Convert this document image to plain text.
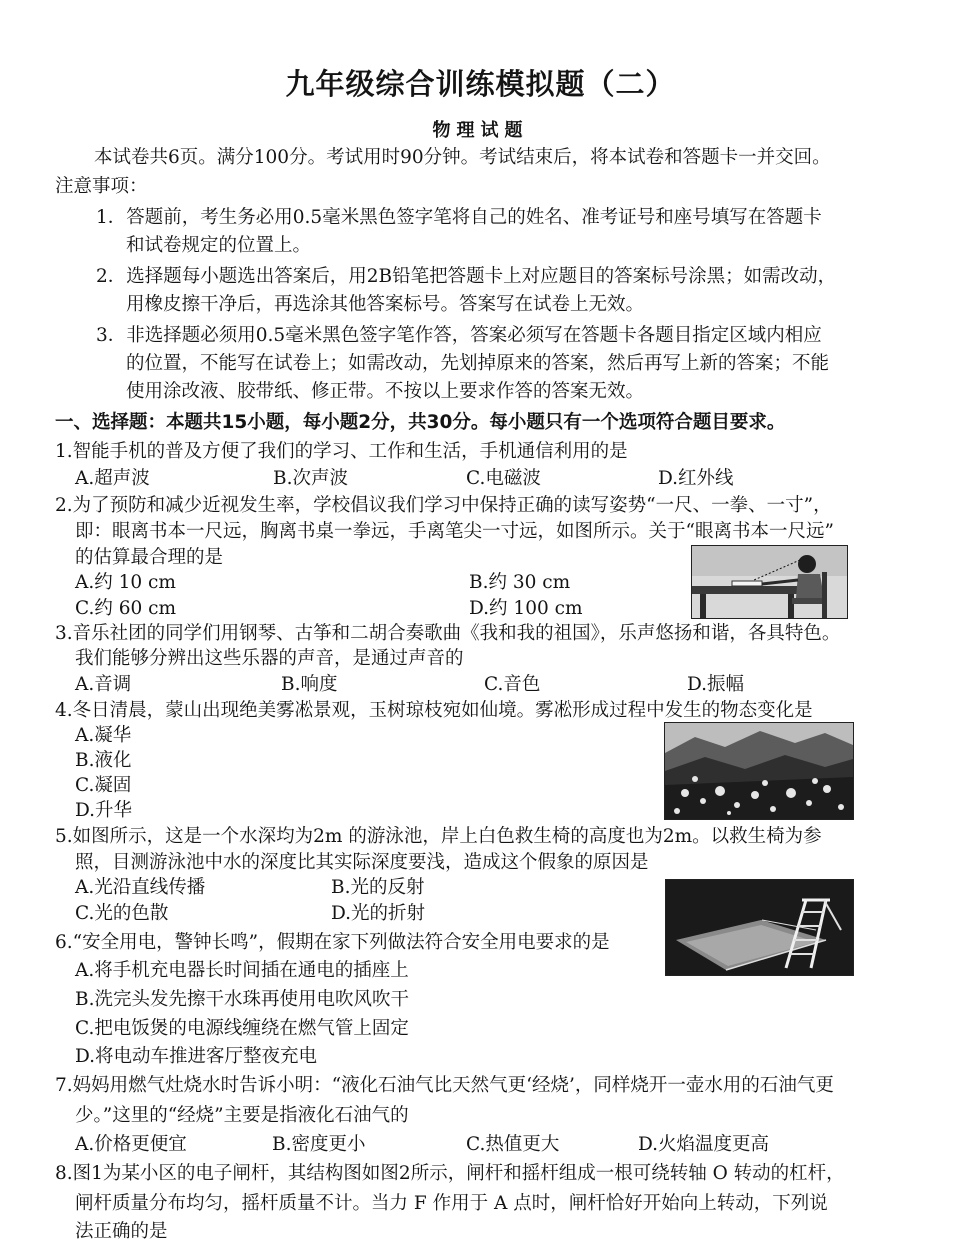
九年级综合训练模拟题（二）
物理试题
本试卷共6页。满分100分。考试用时90分钟。考试结束后，将本试卷和答题卡一并交回。
注意事项：
1．答题前，考生务必用0.5毫米黑色签字笔将自己的姓名、准考证号和座号填写在答题卡
和试卷规定的位置上。
2．选择题每小题选出答案后，用2B铅笔把答题卡上对应题目的答案标号涂黑；如需改动，
用橡皮擦干净后，再选涂其他答案标号。答案写在试卷上无效。
3．非选择题必须用0.5毫米黑色签字笔作答，答案必须写在答题卡各题目指定区域内相应
的位置，不能写在试卷上；如需改动，先划掉原来的答案，然后再写上新的答案；不能
使用涂改液、胶带纸、修正带。不按以上要求作答的答案无效。
一、选择题：本题共15小题，每小题2分，共30分。每小题只有一个选项符合题目要求。
1.智能手机的普及方便了我们的学习、工作和生活，手机通信利用的是
A.超声波	B.次声波	C.电磁波	D.红外线
2.为了预防和减少近视发生率，学校倡议我们学习中保持正确的读写姿势“一尺、一拳、一寸”，
即：眼离书本一尺远，胸离书桌一拳远，手离笔尖一寸远，如图所示。关于“眼离书本一尺远”
的估算最合理的是
A.约 10 cm	B.约 30 cm
C.约 60 cm	D.约 100 cm
3.音乐社团的同学们用钢琴、古筝和二胡合奏歌曲《我和我的祖国》，乐声悠扬和谐，各具特色。
我们能够分辨出这些乐器的声音，是通过声音的
A.音调	B.响度	C.音色	D.振幅
4.冬日清晨，蒙山出现绝美雾凇景观，玉树琼枝宛如仙境。雾凇形成过程中发生的物态变化是
A.凝华
B.液化
C.凝固
D.升华
5.如图所示，这是一个水深均为2m 的游泳池，岸上白色救生椅的高度也为2m。以救生椅为参
照，目测游泳池中水的深度比其实际深度要浅，造成这个假象的原因是
A.光沿直线传播	B.光的反射
C.光的色散	D.光的折射
6.“安全用电，警钟长鸣”，假期在家下列做法符合安全用电要求的是
A.将手机充电器长时间插在通电的插座上
B.洗完头发先擦干水珠再使用电吹风吹干
C.把电饭煲的电源线缠绕在燃气管上固定
D.将电动车推进客厅整夜充电
7.妈妈用燃气灶烧水时告诉小明：“液化石油气比天然气更‘经烧’，同样烧开一壶水用的石油气更
少。”这里的“经烧”主要是指液化石油气的
A.价格更便宜	B.密度更小	C.热值更大	D.火焰温度更高
8.图1为某小区的电子闸杆，其结构图如图2所示，闸杆和摇杆组成一根可绕转轴 O 转动的杠杆，
闸杆质量分布均匀，摇杆质量不计。当力 F 作用于 A 点时，闸杆恰好开始向上转动，下列说
法正确的是
